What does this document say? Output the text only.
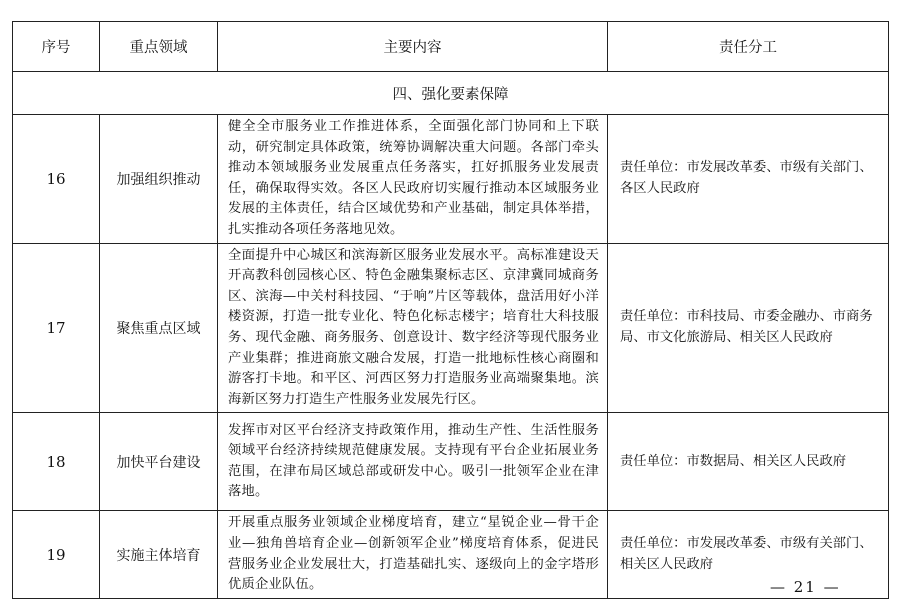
序号	重点领域	主要内容	责任分工
四、强化要素保障			
16	加强组织推动	健全全市服务业工作推进体系，全面强化部门协同和上下联动，研究制定具体政策，统筹协调解决重大问题。各部门牵头推动本领域服务业发展重点任务落实，扛好抓服务业发展责任，确保取得实效。各区人民政府切实履行推动本区域服务业发展的主体责任，结合区域优势和产业基础，制定具体举措，扎实推动各项任务落地见效。	责任单位：市发展改革委、市级有关部门、各区人民政府
17	聚焦重点区域	全面提升中心城区和滨海新区服务业发展水平。高标准建设天开高教科创园核心区、特色金融集聚标志区、京津冀同城商务区、滨海—中关村科技园、“于响”片区等载体，盘活用好小洋楼资源，打造一批专业化、特色化标志楼宇；培育壮大科技服务、现代金融、商务服务、创意设计、数字经济等现代服务业产业集群；推进商旅文融合发展，打造一批地标性核心商圈和游客打卡地。和平区、河西区努力打造服务业高端聚集地。滨海新区努力打造生产性服务业发展先行区。	责任单位：市科技局、市委金融办、市商务局、市文化旅游局、相关区人民政府
18	加快平台建设	发挥市对区平台经济支持政策作用，推动生产性、生活性服务领域平台经济持续规范健康发展。支持现有平台企业拓展业务范围，在津布局区域总部或研发中心。吸引一批领军企业在津落地。	责任单位：市数据局、相关区人民政府
19	实施主体培育	开展重点服务业领域企业梯度培育，建立“星锐企业—骨干企业—独角兽培育企业—创新领军企业”梯度培育体系，促进民营服务业企业发展壮大，打造基础扎实、逐级向上的金字塔形优质企业队伍。	责任单位：市发展改革委、市级有关部门、相关区人民政府
— 21 —
